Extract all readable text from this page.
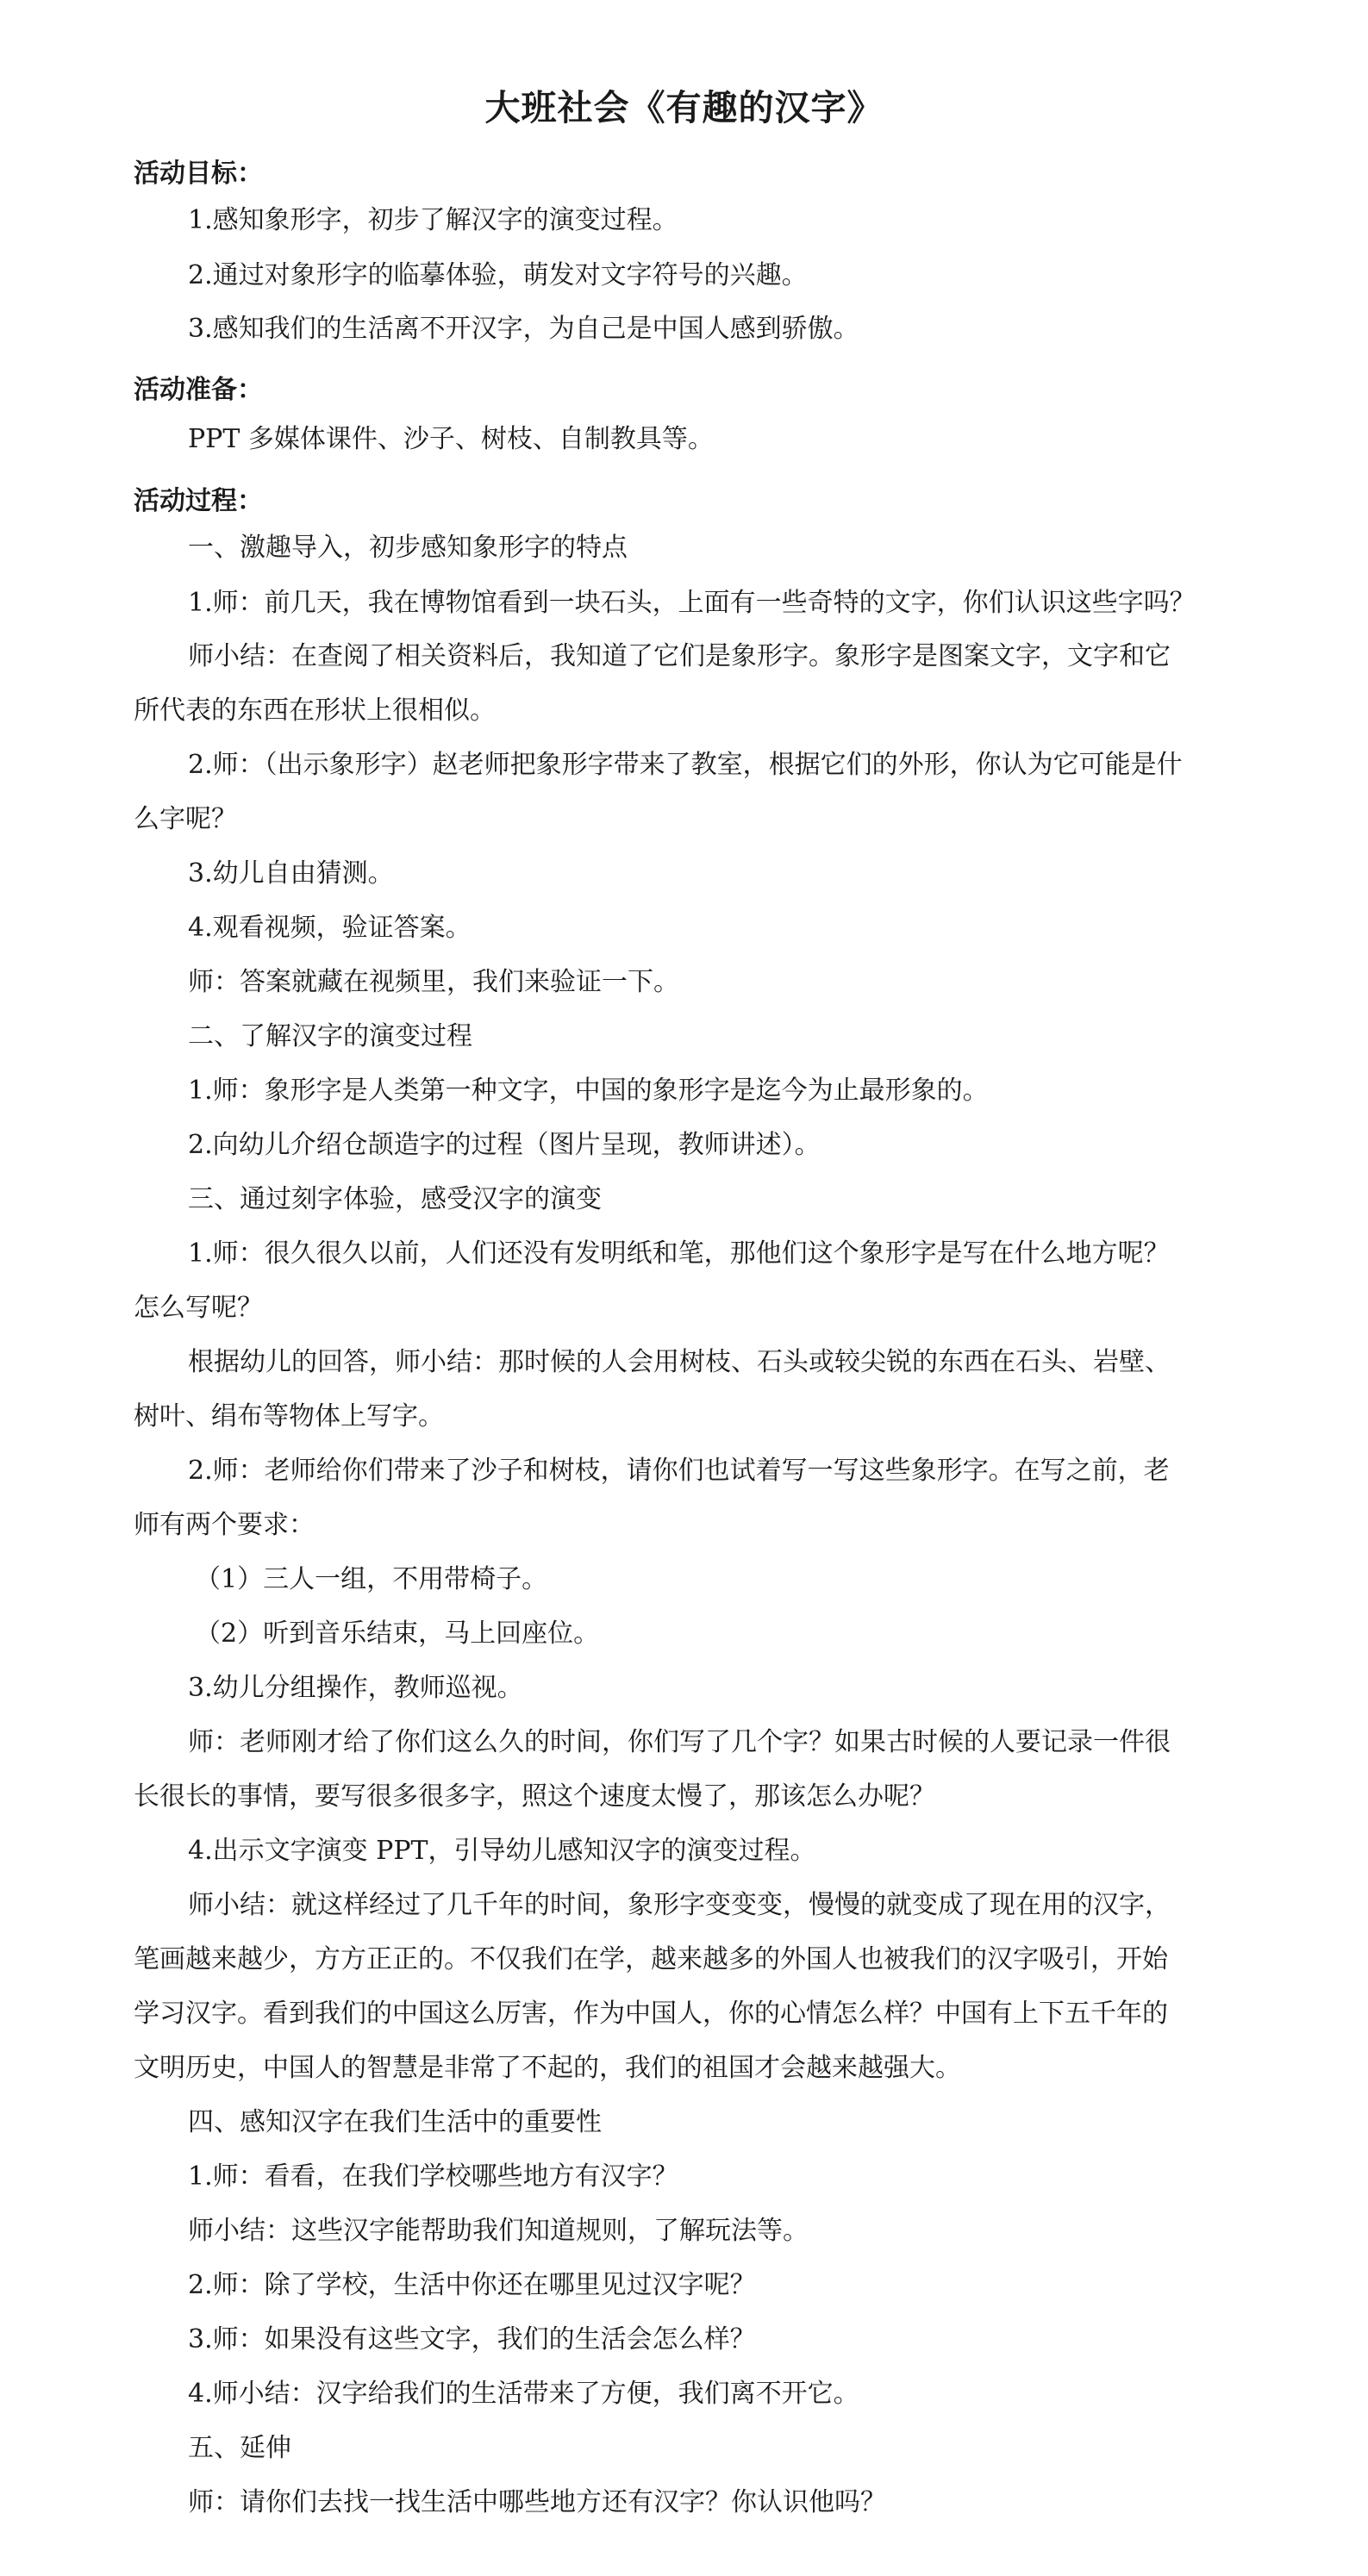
大班社会《有趣的汉字》
活动目标：
1.感知象形字，初步了解汉字的演变过程。
2.通过对象形字的临摹体验，萌发对文字符号的兴趣。
3.感知我们的生活离不开汉字，为自己是中国人感到骄傲。
活动准备：
PPT 多媒体课件、沙子、树枝、自制教具等。
活动过程：
一、激趣导入，初步感知象形字的特点
1.师：前几天，我在博物馆看到一块石头，上面有一些奇特的文字，你们认识这些字吗？
师小结：在查阅了相关资料后，我知道了它们是象形字。象形字是图案文字，文字和它
所代表的东西在形状上很相似。
2.师：（出示象形字）赵老师把象形字带来了教室，根据它们的外形，你认为它可能是什
么字呢？
3.幼儿自由猜测。
4.观看视频，验证答案。
师：答案就藏在视频里，我们来验证一下。
二、了解汉字的演变过程
1.师：象形字是人类第一种文字，中国的象形字是迄今为止最形象的。
2.向幼儿介绍仓颉造字的过程（图片呈现，教师讲述）。
三、通过刻字体验，感受汉字的演变
1.师：很久很久以前，人们还没有发明纸和笔，那他们这个象形字是写在什么地方呢？
怎么写呢？
根据幼儿的回答，师小结：那时候的人会用树枝、石头或较尖锐的东西在石头、岩壁、
树叶、绢布等物体上写字。
2.师：老师给你们带来了沙子和树枝，请你们也试着写一写这些象形字。在写之前，老
师有两个要求：
（1）三人一组，不用带椅子。
（2）听到音乐结束，马上回座位。
3.幼儿分组操作，教师巡视。
师：老师刚才给了你们这么久的时间，你们写了几个字？如果古时候的人要记录一件很
长很长的事情，要写很多很多字，照这个速度太慢了，那该怎么办呢？
4.出示文字演变 PPT，引导幼儿感知汉字的演变过程。
师小结：就这样经过了几千年的时间，象形字变变变，慢慢的就变成了现在用的汉字，
笔画越来越少，方方正正的。不仅我们在学，越来越多的外国人也被我们的汉字吸引，开始
学习汉字。看到我们的中国这么厉害，作为中国人，你的心情怎么样？中国有上下五千年的
文明历史，中国人的智慧是非常了不起的，我们的祖国才会越来越强大。
四、感知汉字在我们生活中的重要性
1.师：看看，在我们学校哪些地方有汉字？
师小结：这些汉字能帮助我们知道规则，了解玩法等。
2.师：除了学校，生活中你还在哪里见过汉字呢？
3.师：如果没有这些文字，我们的生活会怎么样？
4.师小结：汉字给我们的生活带来了方便，我们离不开它。
五、延伸
师：请你们去找一找生活中哪些地方还有汉字？你认识他吗？
